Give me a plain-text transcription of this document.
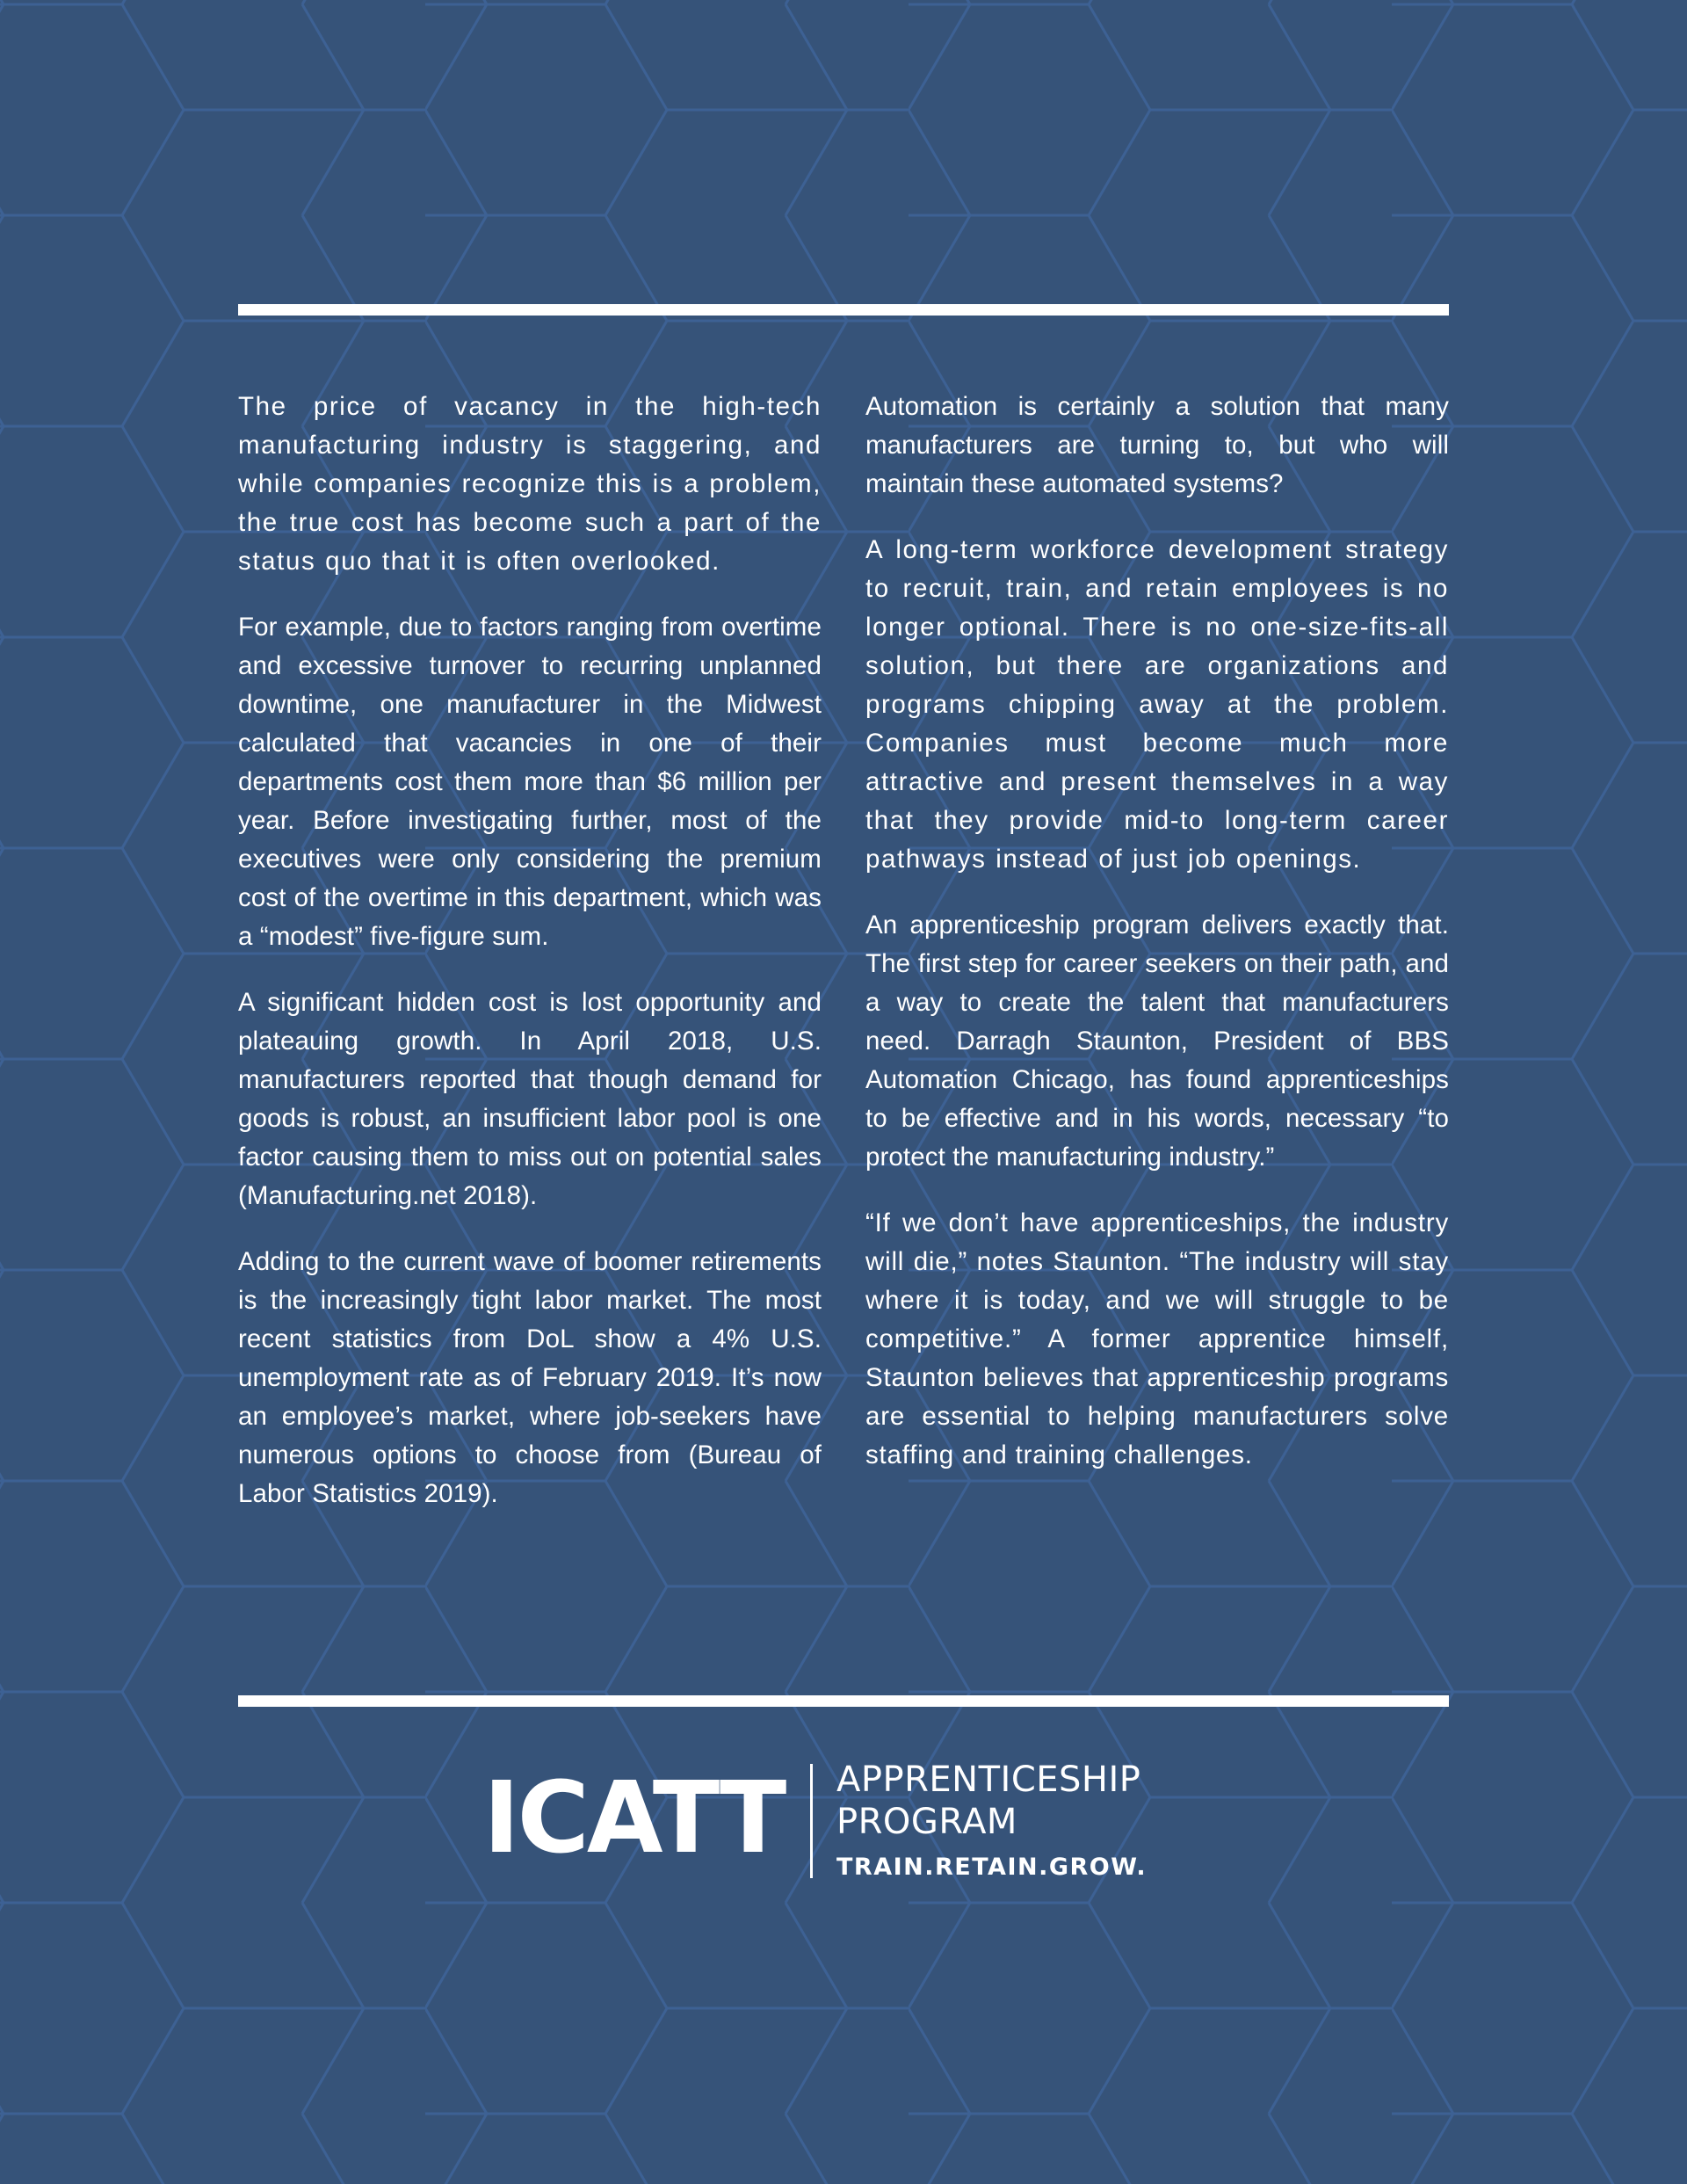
The price of vacancy in the high-tech manufacturing industry is staggering, and while companies recognize this is a problem, the true cost has become such a part of the status quo that it is often overlooked.

For example, due to factors ranging from overtime and excessive turnover to recurring unplanned downtime, one manufacturer in the Midwest calculated that vacancies in one of their departments cost them more than $6 million per year. Before investigating further, most of the executives were only considering the premium cost of the overtime in this department, which was a “modest” five-figure sum.

A significant hidden cost is lost opportunity and plateauing growth. In April 2018, U.S. manufacturers reported that though demand for goods is robust, an insufficient labor pool is one factor causing them to miss out on potential sales (Manufacturing.net 2018).

Adding to the current wave of boomer retirements is the increasingly tight labor market. The most recent statistics from DoL show a 4% U.S. unemployment rate as of February 2019. It’s now an employee’s market, where job-seekers have numerous options to choose from (Bureau of Labor Statistics 2019).

Automation is certainly a solution that many manufacturers are turning to, but who will maintain these automated systems?

A long-term workforce development strategy to recruit, train, and retain employees is no longer optional. There is no one-size-fits-all solution, but there are organizations and programs chipping away at the problem. Companies must become much more attractive and present themselves in a way that they provide mid-to long-term career pathways instead of just job openings.

An apprenticeship program delivers exactly that. The first step for career seekers on their path, and a way to create the talent that manufacturers need. Darragh Staunton, President of BBS Automation Chicago, has found apprenticeships to be effective and in his words, necessary “to protect the manufacturing industry.”

“If we don’t have apprenticeships, the industry will die,” notes Staunton. “The industry will stay where it is today, and we will struggle to be competitive.” A former apprentice himself, Staunton believes that apprenticeship programs are essential to helping manufacturers solve staffing and training challenges.

ICATT APPRENTICESHIP
PROGRAM
TRAIN.RETAIN.GROW.
